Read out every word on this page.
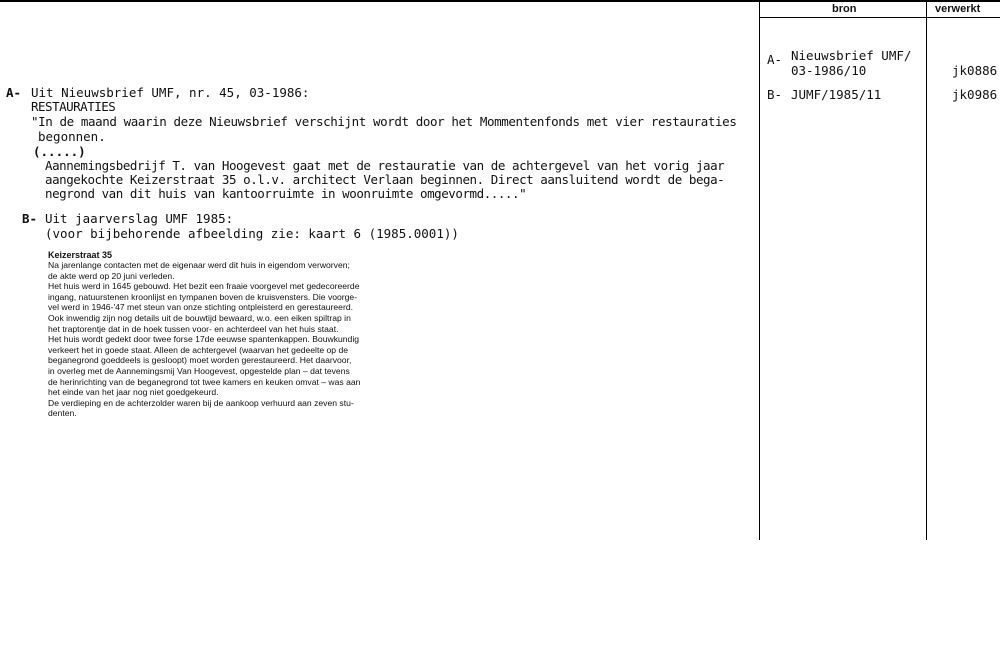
bron	verwerkt
A- Nieuwsbrief UMF/
03-1986/10	jk0886
B- JUMF/1985/11	jk0986
A- Uit Nieuwsbrief UMF, nr. 45, 03-1986:
RESTAURATIES
"In de maand waarin deze Nieuwsbrief verschijnt wordt door het Mommentenfonds met vier restauraties
begonnen.
(.....)
Aannemingsbedrijf T. van Hoogevest gaat met de restauratie van de achtergevel van het vorig jaar
aangekochte Keizerstraat 35 o.l.v. architect Verlaan beginnen. Direct aansluitend wordt de bega-
negrond van dit huis van kantoorruimte in woonruimte omgevormd....."
B- Uit jaarverslag UMF 1985:
(voor bijbehorende afbeelding zie: kaart 6 (1985.0001))
Keizerstraat 35
Na jarenlange contacten met de eigenaar werd dit huis in eigendom verworven;
de akte werd op 20 juni verleden.
Het huis werd in 1645 gebouwd. Het bezit een fraaie voorgevel met gedecoreerde
ingang, natuurstenen kroonlijst en tympanen boven de kruisvensters. Die voorge-
vel werd in 1946-'47 met steun van onze stichting ontpleisterd en gerestaureerd.
Ook inwendig zijn nog details uit de bouwtijd bewaard, w.o. een eiken spiltrap in
het traptorentje dat in de hoek tussen voor- en achterdeel van het huis staat.
Het huis wordt gedekt door twee forse 17de eeuwse spantenkappen. Bouwkundig
verkeert het in goede staat. Alleen de achtergevel (waarvan het gedeelte op de
beganegrond goeddeels is gesloopt) moet worden gerestaureerd. Het daarvoor,
in overleg met de Aannemingsmij Van Hoogevest, opgestelde plan – dat tevens
de herinrichting van de beganegrond tot twee kamers en keuken omvat – was aan
het einde van het jaar nog niet goedgekeurd.
De verdieping en de achterzolder waren bij de aankoop verhuurd aan zeven stu-
denten.
